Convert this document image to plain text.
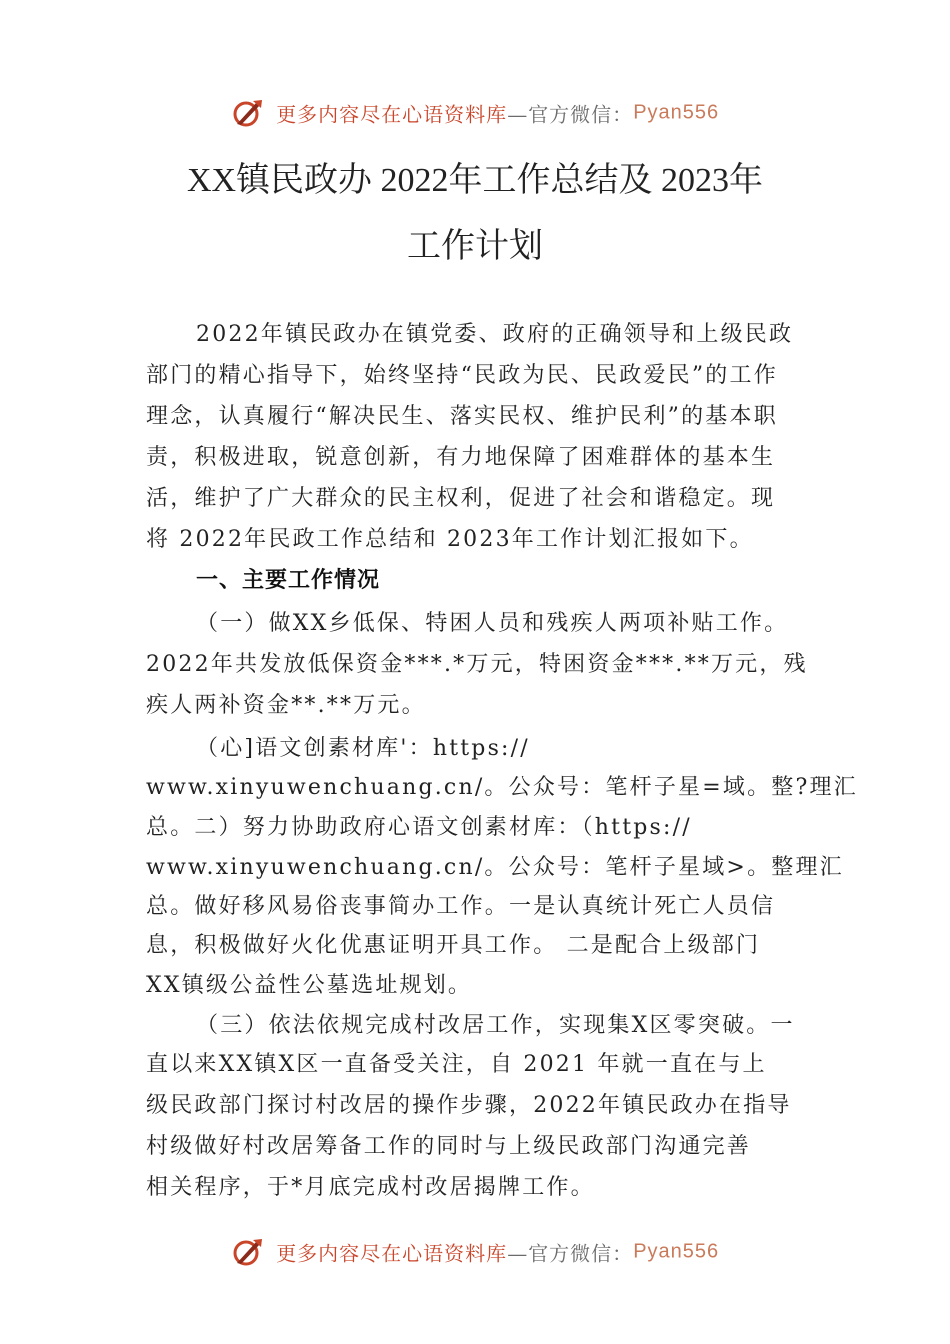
更多内容尽在心语资料库—官方微信：Pyan556
XX镇民政办 2022年工作总结及 2023年
工作计划
2022年镇民政办在镇党委、政府的正确领导和上级民政
部门的精心指导下，始终坚持“民政为民、民政爱民”的工作
理念，认真履行“解决民生、落实民权、维护民利”的基本职
责，积极进取，锐意创新，有力地保障了困难群体的基本生
活，维护了广大群众的民主权利，促进了社会和谐稳定。现
将 2022年民政工作总结和 2023年工作计划汇报如下。
一、主要工作情况
（一）做XX乡低保、特困人员和残疾人两项补贴工作。
2022年共发放低保资金***.*万元，特困资金***.**万元，残
疾人两补资金**.**万元。
（心]语文创素材库'：https://
www.xinyuwenchuang.cn/。公众号：笔杆子星=域。整?理汇
总。二）努力协助政府心语文创素材库：（https://
www.xinyuwenchuang.cn/。公众号：笔杆子星域>。整理汇
总。做好移风易俗丧事简办工作。一是认真统计死亡人员信
息，积极做好火化优惠证明开具工作。 二是配合上级部门
XX镇级公益性公墓选址规划。
（三）依法依规完成村改居工作，实现集X区零突破。一
直以来XX镇X区一直备受关注，自 2021 年就一直在与上
级民政部门探讨村改居的操作步骤，2022年镇民政办在指导
村级做好村改居筹备工作的同时与上级民政部门沟通完善
相关程序，于*月底完成村改居揭牌工作。
更多内容尽在心语资料库—官方微信：Pyan556
